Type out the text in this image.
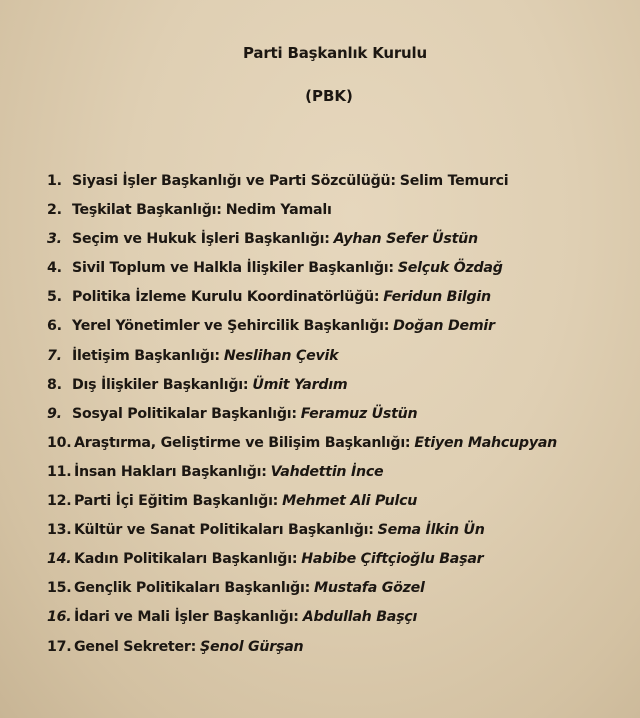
Parti Başkanlık Kurulu
(PBK)
1. Siyasi İşler Başkanlığı ve Parti Sözcülüğü: Selim Temurci
2. Teşkilat Başkanlığı: Nedim Yamalı
3. Seçim ve Hukuk İşleri Başkanlığı: Ayhan Sefer Üstün
4. Sivil Toplum ve Halkla İlişkiler Başkanlığı: Selçuk Özdağ
5. Politika İzleme Kurulu Koordinatörlüğü: Feridun Bilgin
6. Yerel Yönetimler ve Şehircilik Başkanlığı: Doğan Demir
7. İletişim Başkanlığı: Neslihan Çevik
8. Dış İlişkiler Başkanlığı: Ümit Yardım
9. Sosyal Politikalar Başkanlığı: Feramuz Üstün
10. Araştırma, Geliştirme ve Bilişim Başkanlığı: Etiyen Mahcupyan
11. İnsan Hakları Başkanlığı: Vahdettin İnce
12. Parti İçi Eğitim Başkanlığı: Mehmet Ali Pulcu
13. Kültür ve Sanat Politikaları Başkanlığı: Sema İlkin Ün
14. Kadın Politikaları Başkanlığı: Habibe Çiftçioğlu Başar
15. Gençlik Politikaları Başkanlığı: Mustafa Gözel
16. İdari ve Mali İşler Başkanlığı: Abdullah Başçı
17. Genel Sekreter: Şenol Gürşan
